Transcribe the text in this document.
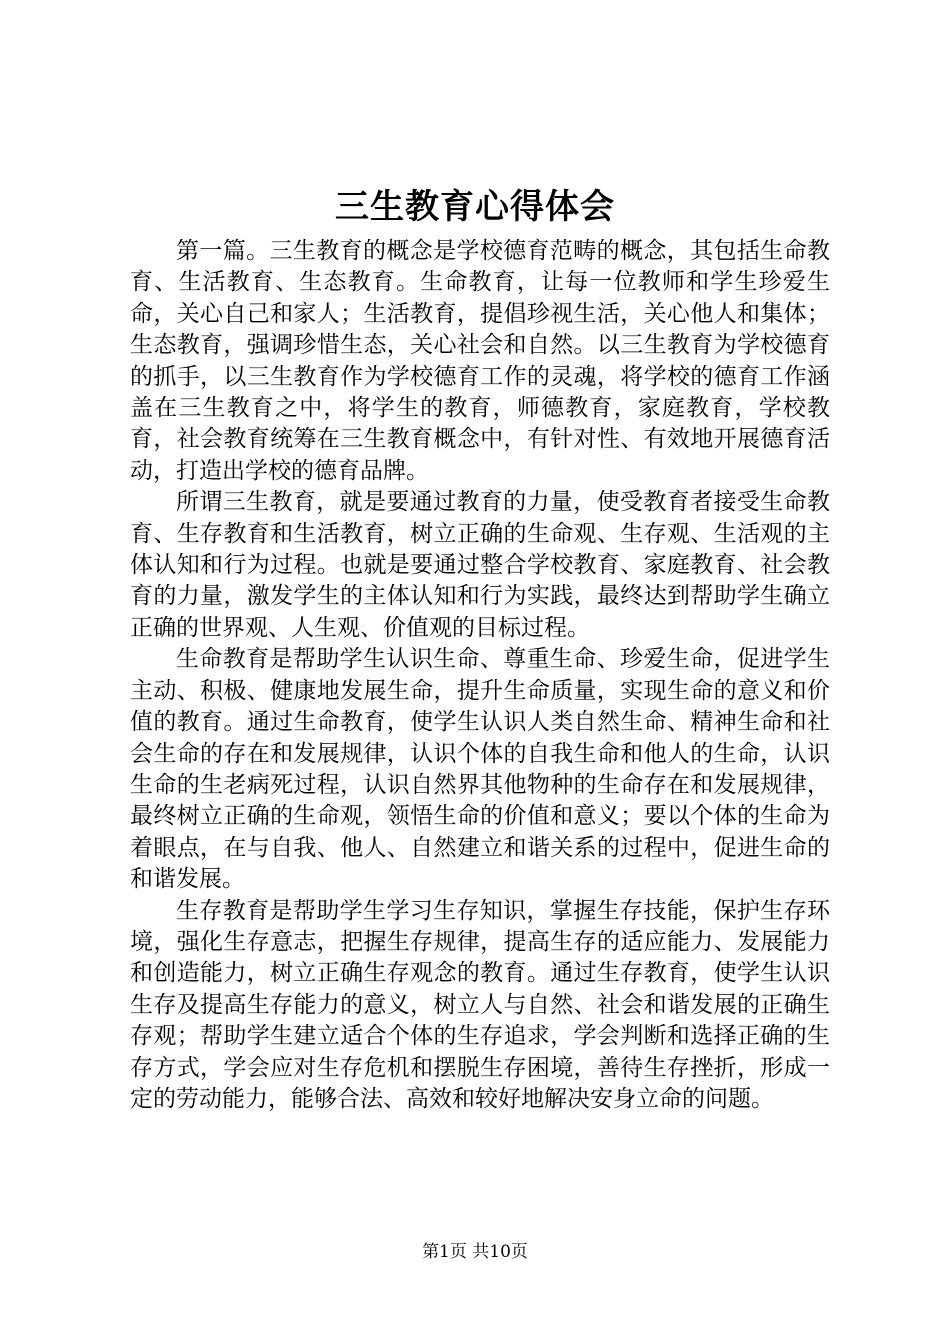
三生教育心得体会

第一篇。三生教育的概念是学校德育范畴的概念，其包括生命教育、生活教育、生态教育。生命教育，让每一位教师和学生珍爱生命，关心自己和家人；生活教育，提倡珍视生活，关心他人和集体；生态教育，强调珍惜生态，关心社会和自然。以三生教育为学校德育的抓手，以三生教育作为学校德育工作的灵魂，将学校的德育工作涵盖在三生教育之中，将学生的教育，师德教育，家庭教育，学校教育，社会教育统筹在三生教育概念中，有针对性、有效地开展德育活动，打造出学校的德育品牌。

所谓三生教育，就是要通过教育的力量，使受教育者接受生命教育、生存教育和生活教育，树立正确的生命观、生存观、生活观的主体认知和行为过程。也就是要通过整合学校教育、家庭教育、社会教育的力量，激发学生的主体认知和行为实践，最终达到帮助学生确立正确的世界观、人生观、价值观的目标过程。

生命教育是帮助学生认识生命、尊重生命、珍爱生命，促进学生主动、积极、健康地发展生命，提升生命质量，实现生命的意义和价值的教育。通过生命教育，使学生认识人类自然生命、精神生命和社会生命的存在和发展规律，认识个体的自我生命和他人的生命，认识生命的生老病死过程，认识自然界其他物种的生命存在和发展规律，最终树立正确的生命观，领悟生命的价值和意义；要以个体的生命为着眼点，在与自我、他人、自然建立和谐关系的过程中，促进生命的和谐发展。

生存教育是帮助学生学习生存知识，掌握生存技能，保护生存环境，强化生存意志，把握生存规律，提高生存的适应能力、发展能力和创造能力，树立正确生存观念的教育。通过生存教育，使学生认识生存及提高生存能力的意义，树立人与自然、社会和谐发展的正确生存观；帮助学生建立适合个体的生存追求，学会判断和选择正确的生存方式，学会应对生存危机和摆脱生存困境，善待生存挫折，形成一定的劳动能力，能够合法、高效和较好地解决安身立命的问题。

第1页 共10页
